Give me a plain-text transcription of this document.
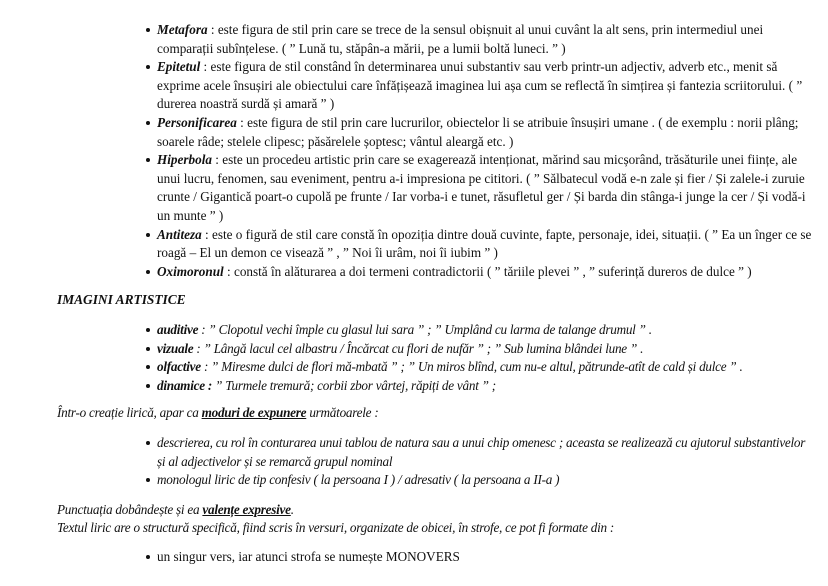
Metafora : este figura de stil prin care se trece de la sensul obișnuit al unui cuvânt la alt sens, prin intermediul unei comparații subînțelese. ( ” Lună tu, stăpân-a mării, pe a lumii boltă luneci. ” )
Epitetul : este figura de stil constând în determinarea unui substantiv sau verb printr-un adjectiv, adverb etc., menit să exprime acele însușiri ale obiectului care înfățișează imaginea lui așa cum se reflectă în simțirea și fantezia scriitorului. ( ” durerea noastră surdă și amară ” )
Personificarea : este figura de stil prin care lucrurilor, obiectelor li se atribuie însușiri umane . ( de exemplu : norii plâng; soarele râde; stelele clipesc; păsărelele șoptesc; vântul aleargă etc. )
Hiperbola : este un procedeu artistic prin care se exagerează intenționat, mărind sau micșorând, trăsăturile unei ființe, ale unui lucru, fenomen, sau eveniment, pentru a-i impresiona pe cititori. ( ” Sălbatecul vodă e-n zale și fier / Și zalele-i zuruie crunte / Gigantică poart-o cupolă pe frunte / Iar vorba-i e tunet, răsufletul ger / Și barda din stânga-i junge la cer / Și vodă-i un munte ” )
Antiteza : este o figură de stil care constă în opoziția dintre două cuvinte, fapte, personaje, idei, situații. ( ” Ea un înger ce se roagă – El un demon ce visează ” , ” Noi îi urâm, noi îi iubim ” )
Oximoronul : constă în alăturarea a doi termeni contradictorii ( ” tăriile plevei ” , ” suferință dureros de dulce ” )
IMAGINI ARTISTICE
auditive : ” Clopotul vechi împle cu glasul lui sara ” ; ” Umplând cu larma de talange drumul ” .
vizuale : ” Lângă lacul cel albastru / Încărcat cu flori de nufăr ” ; ” Sub lumina blândei lune ” .
olfactive : ” Miresme dulci de flori mă-mbată ” ; ” Un miros blînd, cum nu-e altul, pătrunde-atît de cald și dulce ” .
dinamice : ” Turmele tremură; corbii zbor vârtej, răpiți de vânt ” ;

Într-o creație lirică, apar ca moduri de expunere următoarele :

descrierea, cu rol în conturarea unui tablou de natura sau a unui chip omenesc ; aceasta se realizează cu ajutorul substantivelor și al adjectivelor și se remarcă grupul nominal
monologul liric de tip confesiv ( la persoana I ) / adresativ ( la persoana a II-a )

Punctuația dobândește și ea valențe expresive.

Textul liric are o structură specifică, fiind scris în versuri, organizate de obicei, în strofe, ce pot fi formate din :

un singur vers, iar atunci strofa se numește MONOVERS
